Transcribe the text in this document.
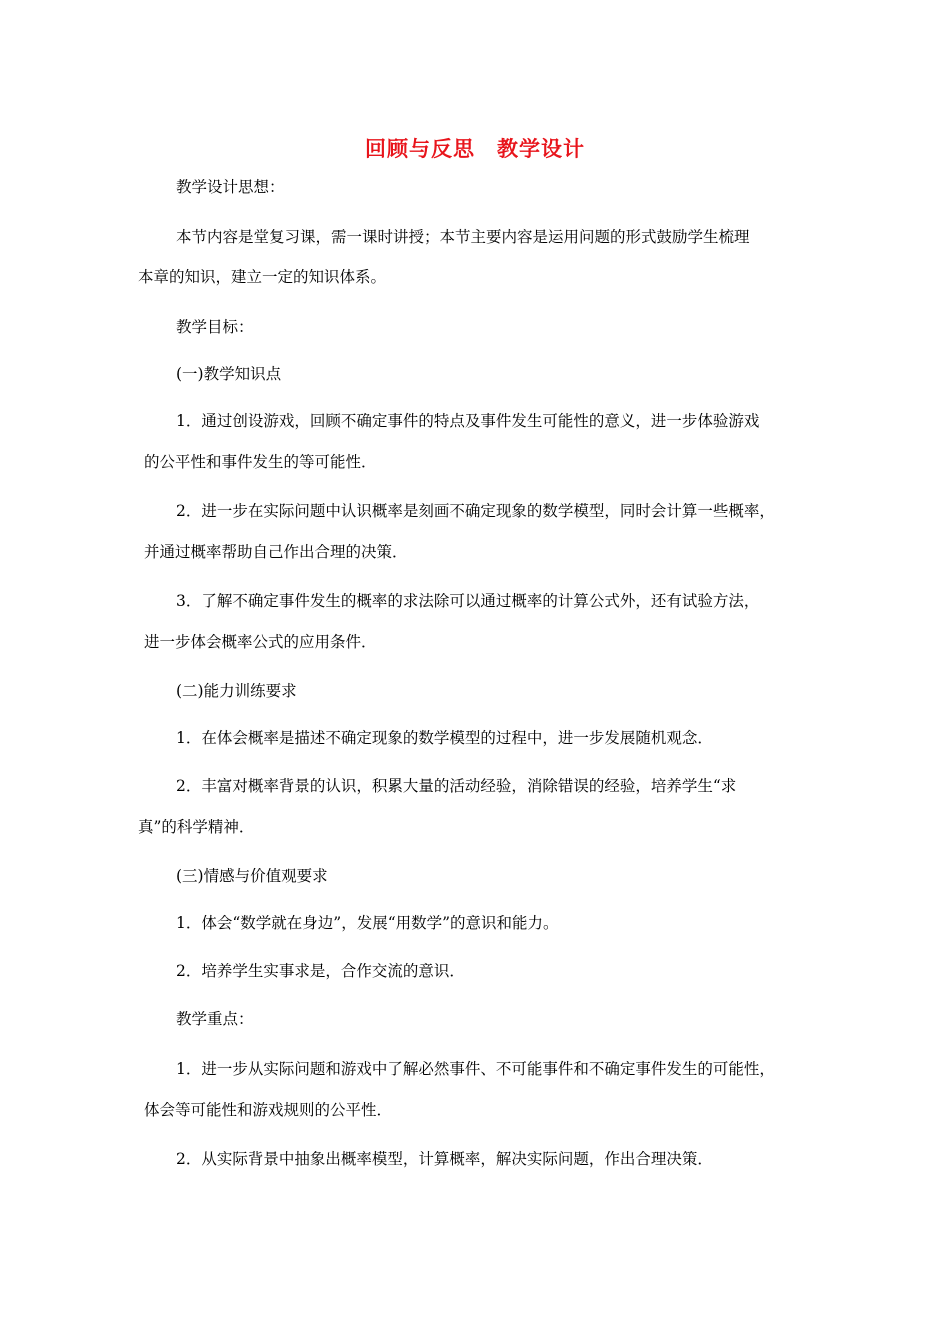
回顾与反思　教学设计
教学设计思想：
本节内容是堂复习课，需一课时讲授；本节主要内容是运用问题的形式鼓励学生梳理
本章的知识，建立一定的知识体系。
教学目标：
(一)教学知识点
1．通过创设游戏，回顾不确定事件的特点及事件发生可能性的意义，进一步体验游戏
的公平性和事件发生的等可能性．
2．进一步在实际问题中认识概率是刻画不确定现象的数学模型，同时会计算一些概率，
并通过概率帮助自己作出合理的决策．
3．了解不确定事件发生的概率的求法除可以通过概率的计算公式外，还有试验方法，
进一步体会概率公式的应用条件．
(二)能力训练要求
1．在体会概率是描述不确定现象的数学模型的过程中，进一步发展随机观念．
2．丰富对概率背景的认识，积累大量的活动经验，消除错误的经验，培养学生“求
真”的科学精神．
(三)情感与价值观要求
1．体会“数学就在身边”，发展“用数学”的意识和能力。
2．培养学生实事求是，合作交流的意识．
教学重点：
1．进一步从实际问题和游戏中了解必然事件、不可能事件和不确定事件发生的可能性，
体会等可能性和游戏规则的公平性．
2．从实际背景中抽象出概率模型，计算概率，解决实际问题，作出合理决策．
